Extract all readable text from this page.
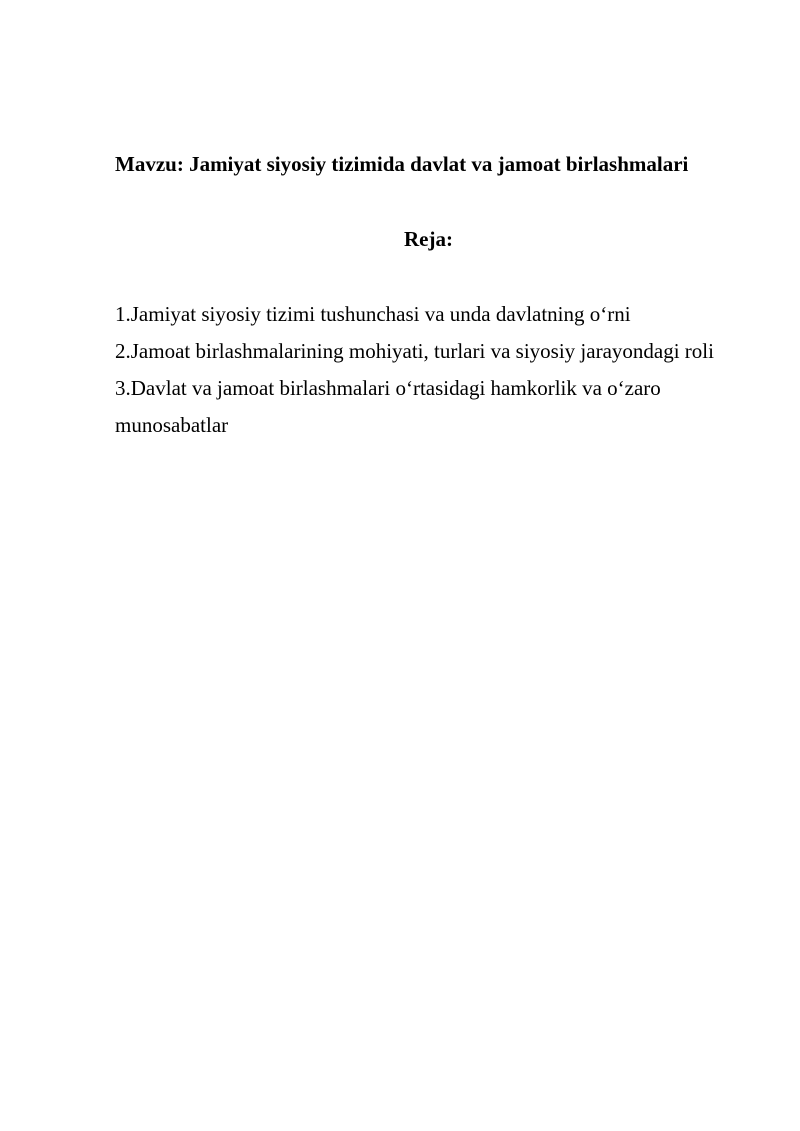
Mavzu: Jamiyat siyosiy tizimida davlat va jamoat birlashmalari
Reja:
1.Jamiyat siyosiy tizimi tushunchasi va unda davlatning o‘rni
2.Jamoat birlashmalarining mohiyati, turlari va siyosiy jarayondagi roli
3.Davlat va jamoat birlashmalari o‘rtasidagi hamkorlik va o‘zaro munosabatlar
